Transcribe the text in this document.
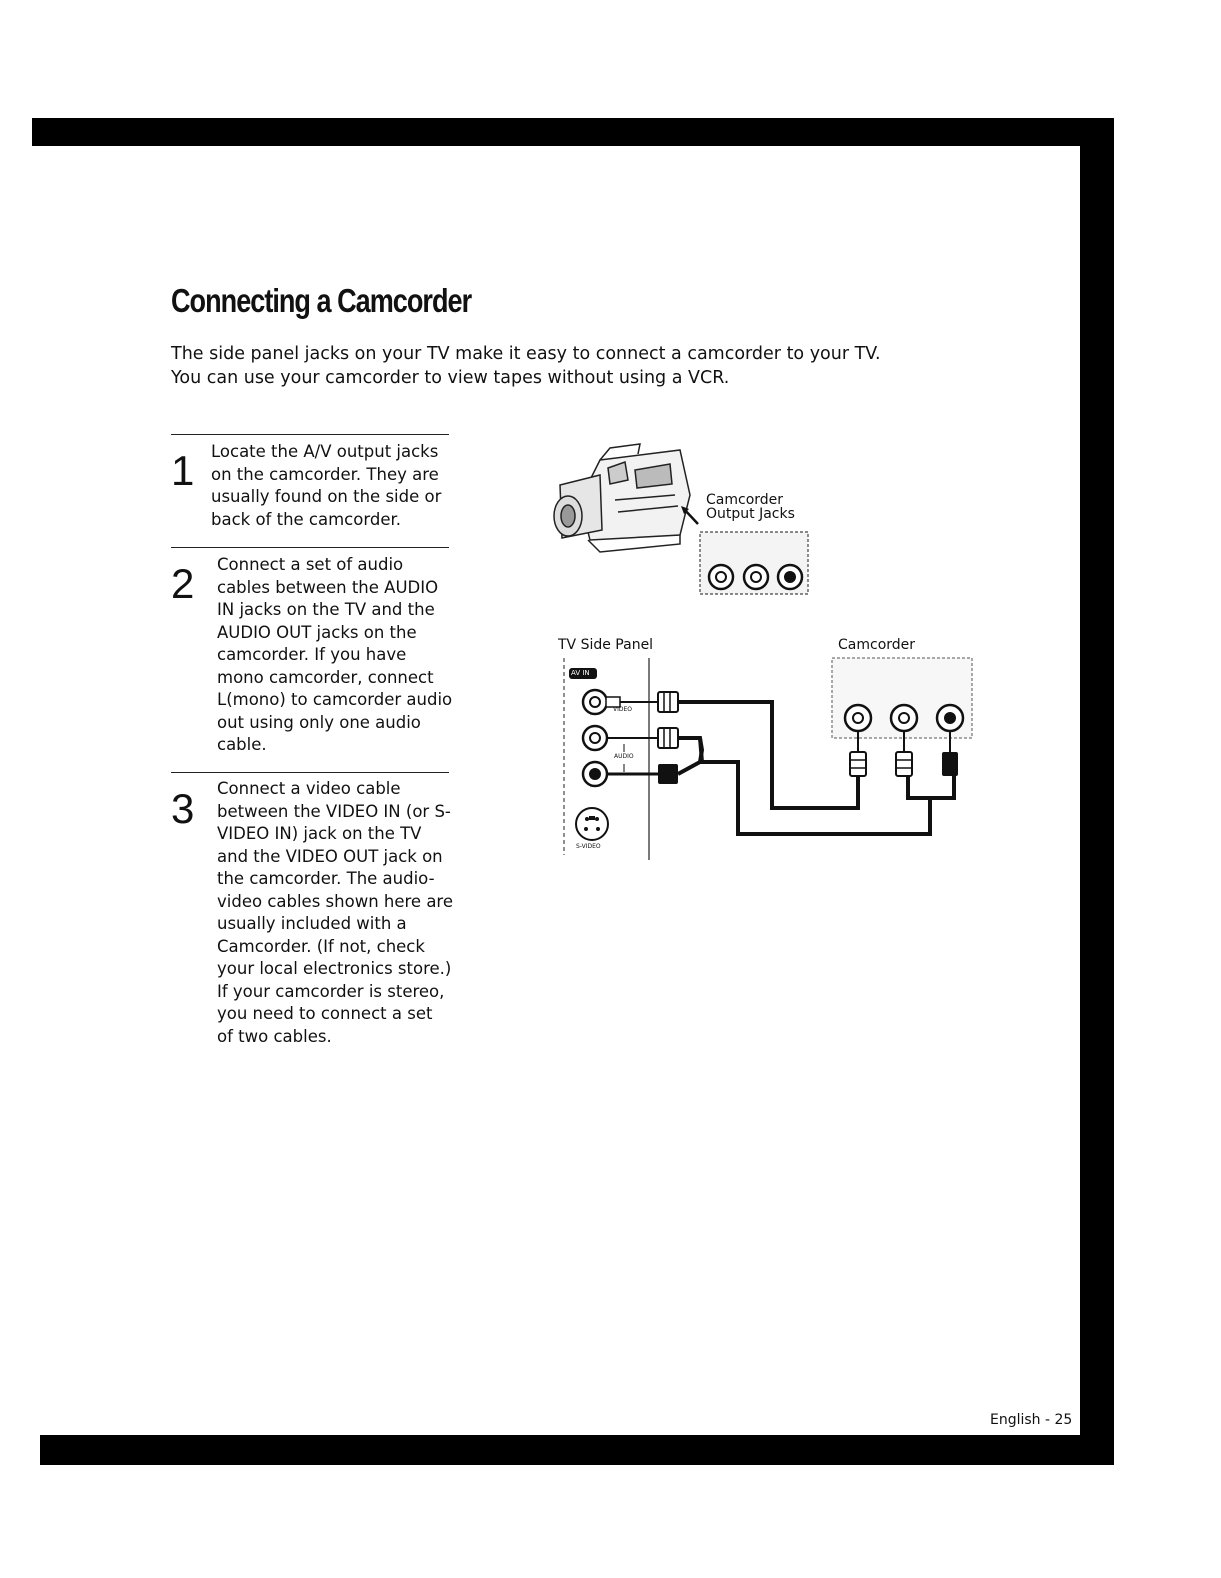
Connecting a Camcorder
The side panel jacks on your TV make it easy to connect a camcorder to your TV.
You can use your camcorder to view tapes without using a VCR.
1 Locate the A/V output jacks on the camcorder. They are usually found on the side or back of the camcorder.
2 Connect a set of audio cables between the AUDIO IN jacks on the TV and the AUDIO OUT jacks on the camcorder. If you have mono camcorder, connect L(mono) to camcorder audio out using only one audio cable.
3 Connect a video cable between the VIDEO IN (or S-VIDEO IN) jack on the TV and the VIDEO OUT jack on the camcorder. The audio-video cables shown here are usually included with a Camcorder. (If not, check your local electronics store.) If your camcorder is stereo, you need to connect a set of two cables.
Camcorder
Output Jacks
TV Side Panel	Camcorder
AV IN
VIDEO
AUDIO
S-VIDEO
English - 25
